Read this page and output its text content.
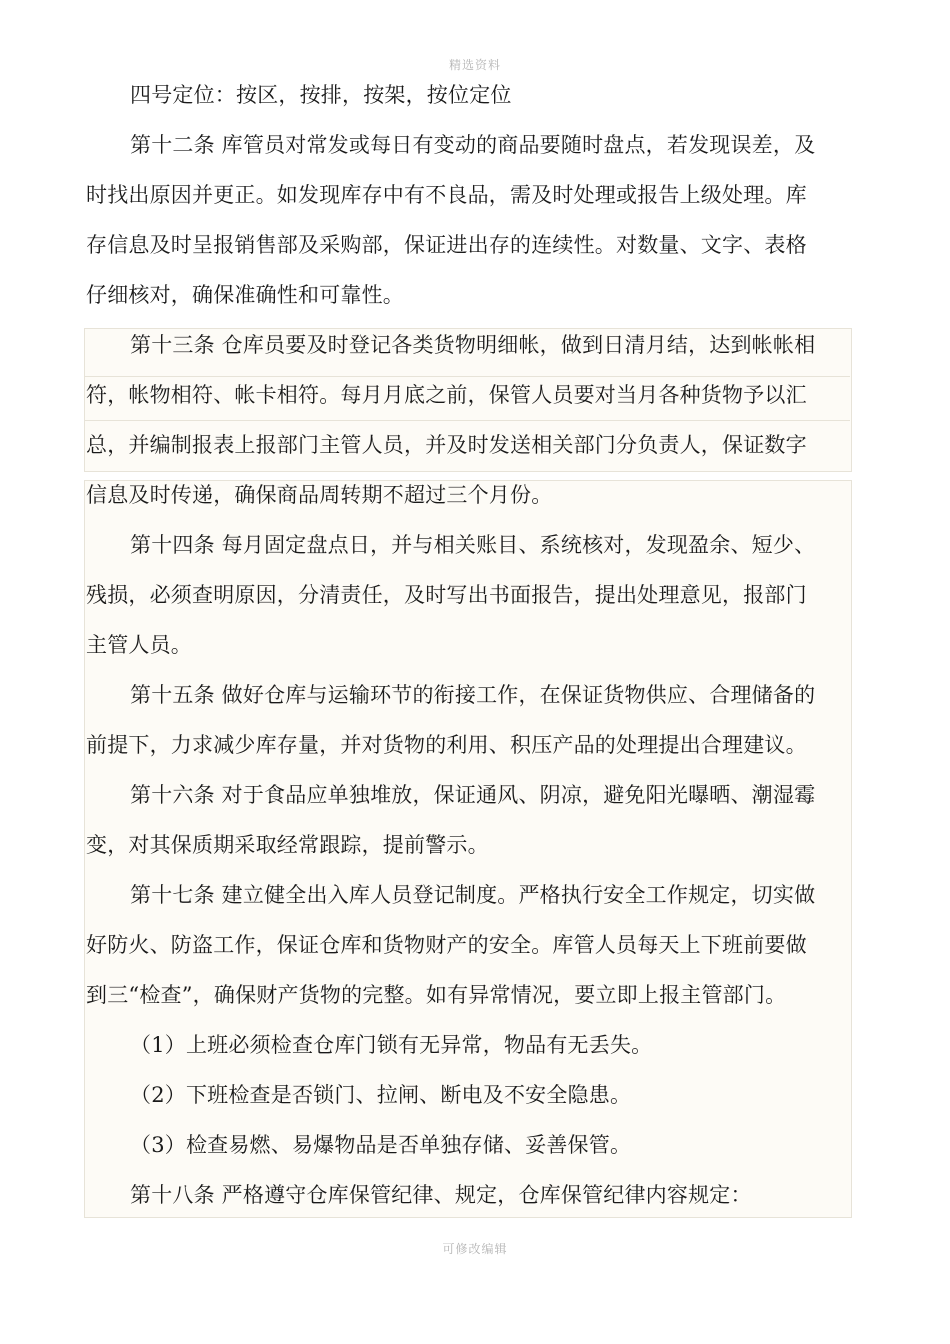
精选资料
四号定位：按区，按排，按架，按位定位
第十二条 库管员对常发或每日有变动的商品要随时盘点，若发现误差，及
时找出原因并更正。如发现库存中有不良品，需及时处理或报告上级处理。库
存信息及时呈报销售部及采购部，保证进出存的连续性。对数量、文字、表格
仔细核对，确保准确性和可靠性。
第十三条 仓库员要及时登记各类货物明细帐，做到日清月结，达到帐帐相
符，帐物相符、帐卡相符。每月月底之前，保管人员要对当月各种货物予以汇
总，并编制报表上报部门主管人员，并及时发送相关部门分负责人，保证数字
信息及时传递，确保商品周转期不超过三个月份。
第十四条 每月固定盘点日，并与相关账目、系统核对，发现盈余、短少、
残损，必须查明原因，分清责任，及时写出书面报告，提出处理意见，报部门
主管人员。
第十五条 做好仓库与运输环节的衔接工作，在保证货物供应、合理储备的
前提下，力求减少库存量，并对货物的利用、积压产品的处理提出合理建议。
第十六条 对于食品应单独堆放，保证通风、阴凉，避免阳光曝晒、潮湿霉
变，对其保质期采取经常跟踪，提前警示。
第十七条 建立健全出入库人员登记制度。严格执行安全工作规定，切实做
好防火、防盗工作，保证仓库和货物财产的安全。库管人员每天上下班前要做
到三“检查”，确保财产货物的完整。如有异常情况，要立即上报主管部门。
（1）上班必须检查仓库门锁有无异常，物品有无丢失。
（2）下班检查是否锁门、拉闸、断电及不安全隐患。
（3）检查易燃、易爆物品是否单独存储、妥善保管。
第十八条 严格遵守仓库保管纪律、规定，仓库保管纪律内容规定：
可修改编辑
